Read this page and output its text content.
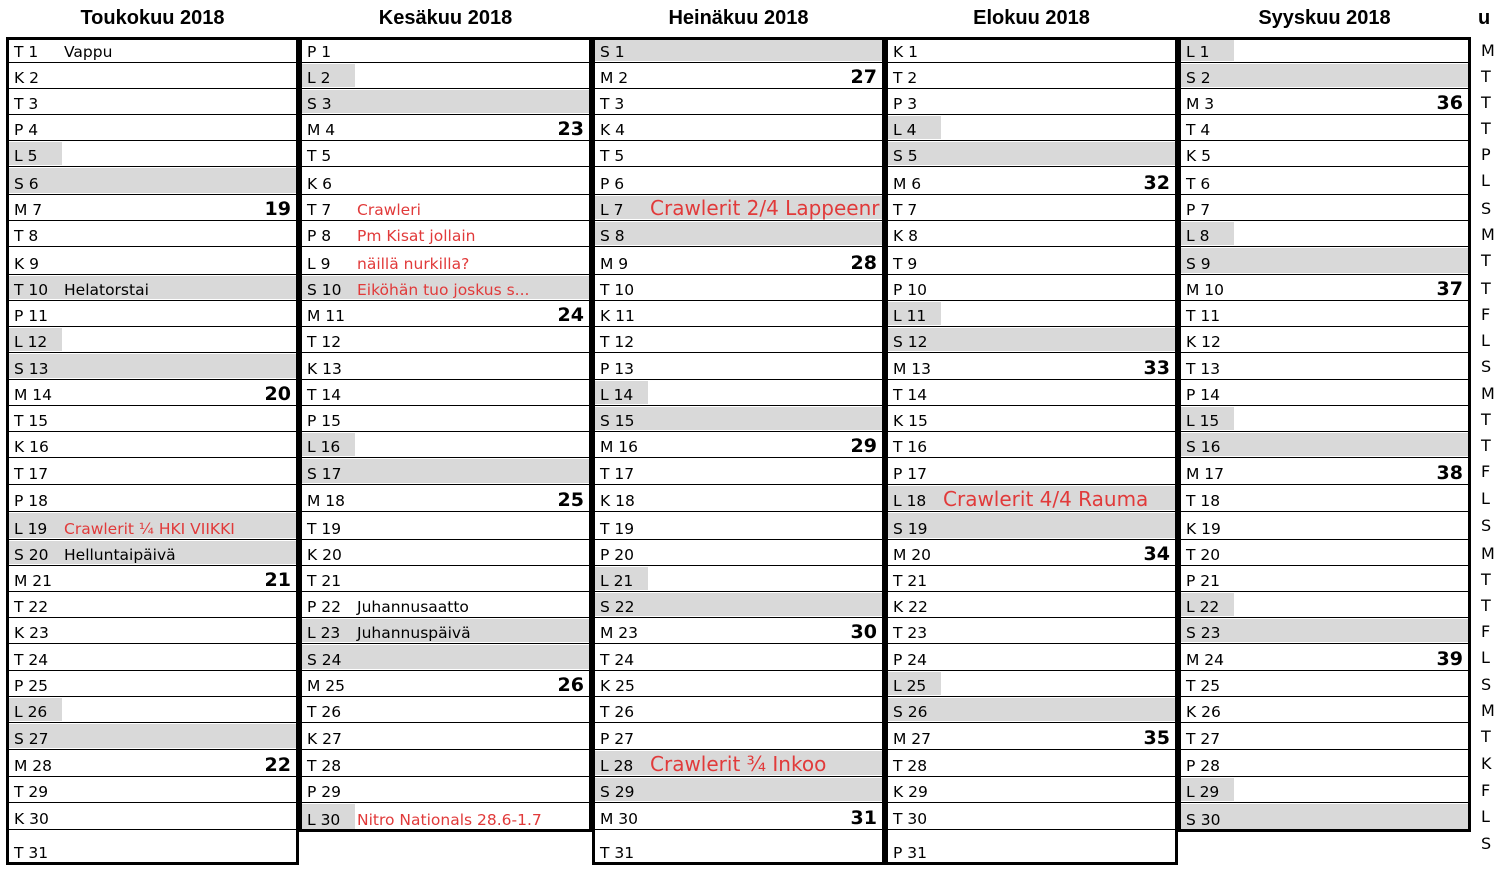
Toukokuu 2018
T 1 Vappu
K 2
T 3
P 4
L 5
S 6
M 7	19
T 8
K 9
T 10 Helatorstai
P 11
L 12
S 13
M 14	20
T 15
K 16
T 17
P 18
L 19 Crawlerit ¼ HKI VIIKKI
S 20 Helluntaipäivä
M 21	21
T 22
K 23
T 24
P 25
L 26
S 27
M 28	22
T 29
K 30
T 31
Kesäkuu 2018
P 1
L 2
S 3
M 4	23
T 5
K 6
T 7 Crawleri
P 8 Pm Kisat jollain
L 9 näillä nurkilla?
S 10 Eiköhän tuo joskus s...
M 11	24
T 12
K 13
T 14
P 15
L 16
S 17
M 18	25
T 19
K 20
T 21
P 22 Juhannusaatto
L 23 Juhannuspäivä
S 24
M 25	26
T 26
K 27
T 28
P 29
L 30 Nitro Nationals 28.6-1.7
Heinäkuu 2018
S 1
M 2	27
T 3
K 4
T 5
P 6
L 7 Crawlerit 2/4 Lappeenr
S 8
M 9	28
T 10
K 11
T 12
P 13
L 14
S 15
M 16	29
T 17
K 18
T 19
P 20
L 21
S 22
M 23	30
T 24
K 25
T 26
P 27
L 28 Crawlerit ¾ Inkoo
S 29
M 30	31
T 31
Elokuu 2018
K 1
T 2
P 3
L 4
S 5
M 6	32
T 7
K 8
T 9
P 10
L 11
S 12
M 13	33
T 14
K 15
T 16
P 17
L 18 Crawlerit 4/4 Rauma
S 19
M 20	34
T 21
K 22
T 23
P 24
L 25
S 26
M 27	35
T 28
K 29
T 30
P 31
Syyskuu 2018
L 1
S 2
M 3	36
T 4
K 5
T 6
P 7
L 8
S 9
M 10	37
T 11
K 12
T 13
P 14
L 15
S 16
M 17	38
T 18
K 19
T 20
P 21
L 22
S 23
M 24	39
T 25
K 26
T 27
P 28
L 29
S 30
u
M
T
T
T
P
L
S
M
T
T
F
L
S
M
T
T
F
L
S
M
T
T
F
L
S
M
T
K
F
L
S
